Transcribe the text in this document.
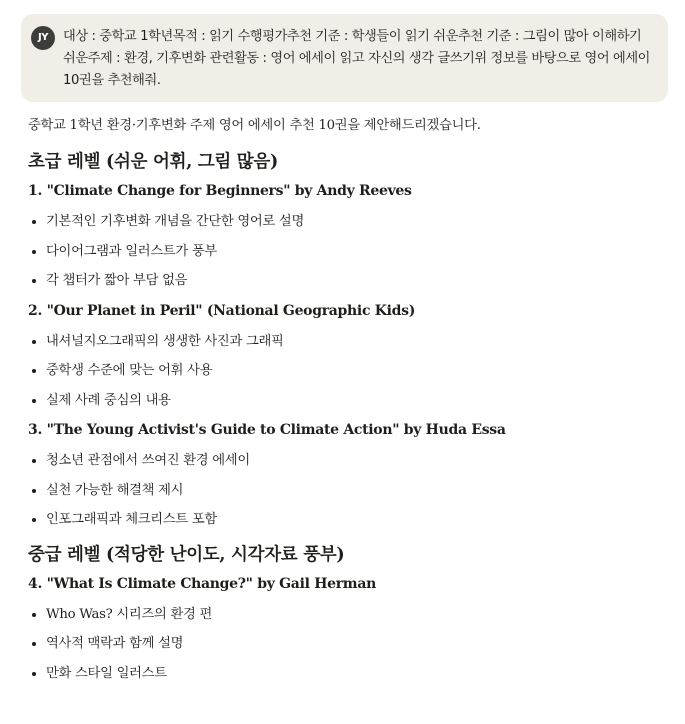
JY	대상 : 중학교 1학년목적 : 읽기 수행평가추천 기준 : 학생들이 읽기 쉬운추천 기준 : 그림이 많아 이해하기 쉬운주제 : 환경, 기후변화 관련활동 : 영어 에세이 읽고 자신의 생각 글쓰기위 정보를 바탕으로 영어 에세이 10권을 추천해줘.

중학교 1학년 환경·기후변화 주제 영어 에세이 추천 10권을 제안해드리겠습니다.

초급 레벨 (쉬운 어휘, 그림 많음)
1. "Climate Change for Beginners" by Andy Reeves
기본적인 기후변화 개념을 간단한 영어로 설명
다이어그램과 일러스트가 풍부
각 챕터가 짧아 부담 없음
2. "Our Planet in Peril" (National Geographic Kids)
내셔널지오그래픽의 생생한 사진과 그래픽
중학생 수준에 맞는 어휘 사용
실제 사례 중심의 내용
3. "The Young Activist's Guide to Climate Action" by Huda Essa
청소년 관점에서 쓰여진 환경 에세이
실천 가능한 해결책 제시
인포그래픽과 체크리스트 포함
중급 레벨 (적당한 난이도, 시각자료 풍부)
4. "What Is Climate Change?" by Gail Herman
Who Was? 시리즈의 환경 편
역사적 맥락과 함께 설명
만화 스타일 일러스트
